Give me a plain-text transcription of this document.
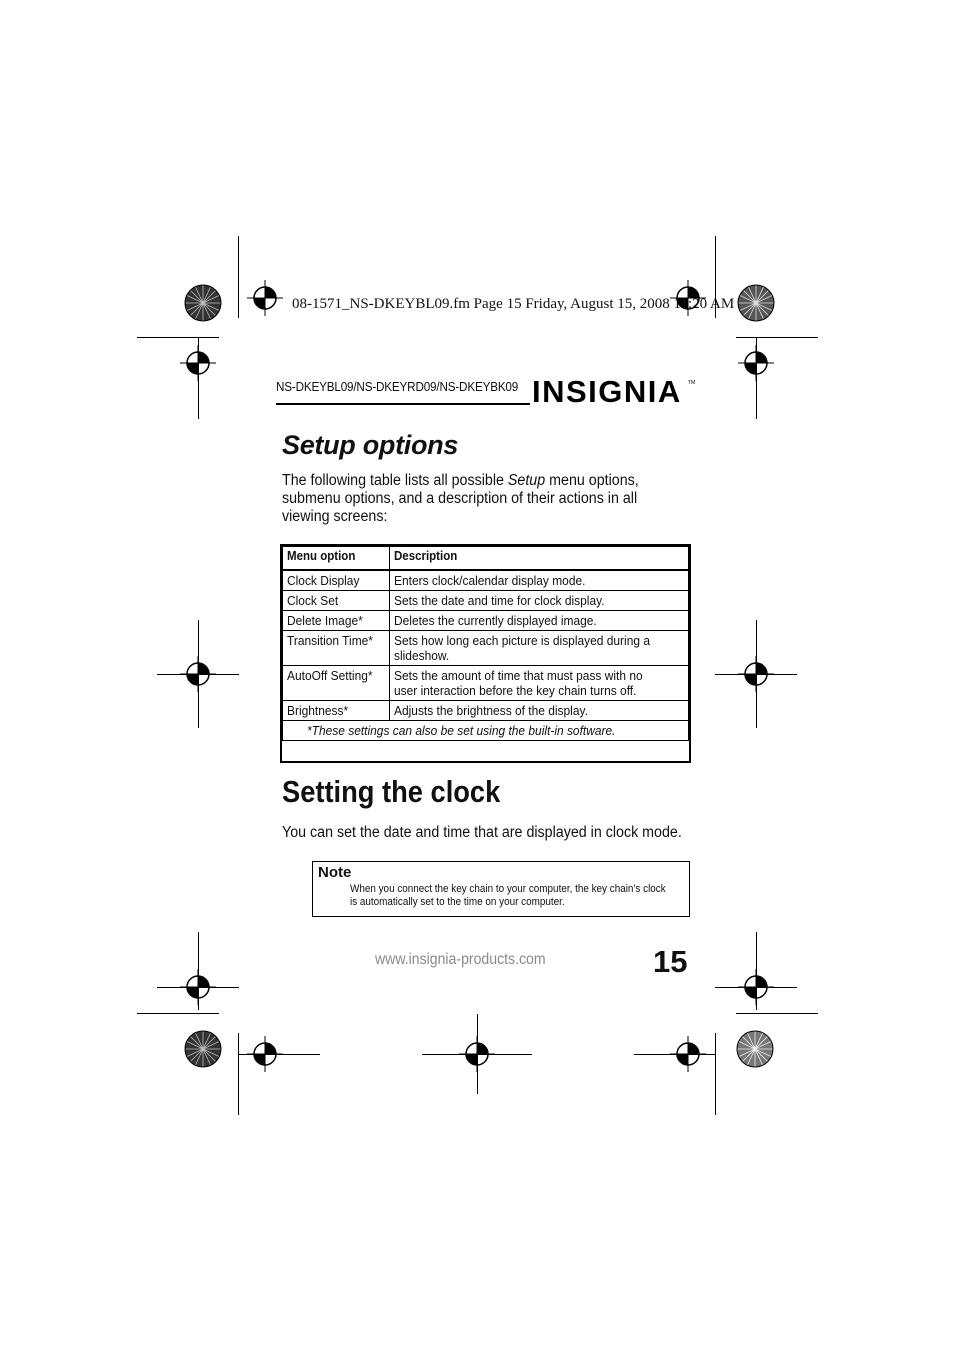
08-1571_NS-DKEYBL09.fm Page 15 Friday, August 15, 2008 11:20 AM
NS-DKEYBL09/NS-DKEYRD09/NS-DKEYBK09 INSIGNIA TM
Setup options
The following table lists all possible Setup menu options, submenu options, and a description of their actions in all viewing screens:
Menu option	Description
Clock Display	Enters clock/calendar display mode.

Clock Set	Sets the date and time for clock display.

Delete Image*	Deletes the currently displayed image.

Transition Time*	Sets how long each picture is displayed during a slideshow.

AutoOff Setting*	Sets the amount of time that must pass with no user interaction before the key chain turns off.

Brightness*	Adjusts the brightness of the display.

*These settings can also be set using the built-in software.	
Setting the clock
You can set the date and time that are displayed in clock mode.
Note
When you connect the key chain to your computer, the key chain’s clock is automatically set to the time on your computer.
www.insignia-products.com	15
